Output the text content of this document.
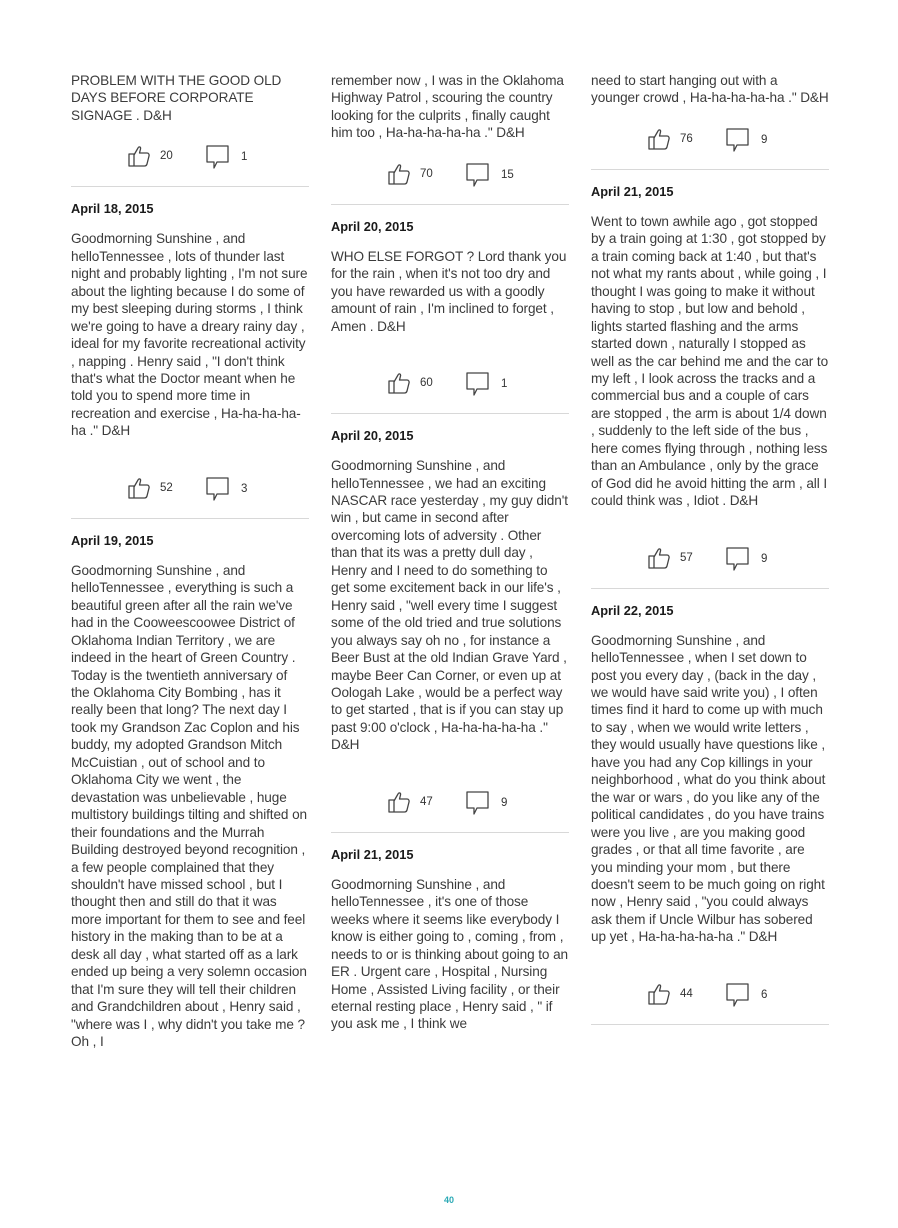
PROBLEM WITH THE GOOD OLD DAYS BEFORE CORPORATE SIGNAGE . D&H

20	1

April 18, 2015

Goodmorning Sunshine , and helloTennessee , lots of thunder last night and probably lighting , I'm not sure about the lighting because I do some of my best sleeping during storms , I think we're going to have a dreary rainy day , ideal for my favorite recreational activity , napping . Henry said , "I don't think that's what the Doctor meant when he told you to spend more time in recreation and exercise , Ha-ha-ha-ha-ha ." D&H

52	3

April 19, 2015

Goodmorning Sunshine , and helloTennessee , everything is such a beautiful green after all the rain we've had in the Cooweescoowee District of Oklahoma Indian Territory , we are indeed in the heart of Green Country . Today is the twentieth anniversary of the Oklahoma City Bombing , has it really been that long? The next day I took my Grandson Zac Coplon and his buddy, my adopted Grandson Mitch McCuistian , out of school and to Oklahoma City we went , the devastation was unbelievable , huge multistory buildings tilting and shifted on their foundations and the Murrah Building destroyed beyond recognition , a few people complained that they shouldn't have missed school , but I thought then and still do that it was more important for them to see and feel history in the making than to be at a desk all day , what started off as a lark ended up being a very solemn occasion that I'm sure they will tell their children and Grandchildren about , Henry said , "where was I , why didn't you take me ? Oh , I

remember now , I was in the Oklahoma Highway Patrol , scouring the country looking for the culprits , finally caught him too , Ha-ha-ha-ha-ha ." D&H

70	15

April 20, 2015

WHO ELSE FORGOT ? Lord thank you for the rain , when it's not too dry and you have rewarded us with a goodly amount of rain , I'm inclined to forget , Amen . D&H

60	1

April 20, 2015

Goodmorning Sunshine , and helloTennessee , we had an exciting NASCAR race yesterday , my guy didn't win , but came in second after overcoming lots of adversity . Other than that its was a pretty dull day , Henry and I need to do something to get some excitement back in our life's , Henry said , "well every time I suggest some of the old tried and true solutions you always say oh no , for instance a Beer Bust at the old Indian Grave Yard , maybe Beer Can Corner, or even up at Oologah Lake , would be a perfect way to get started , that is if you can stay up past 9:00 o'clock , Ha-ha-ha-ha-ha ." D&H

47	9

April 21, 2015

Goodmorning Sunshine , and helloTennessee , it's one of those weeks where it seems like everybody I know is either going to , coming , from , needs to or is thinking about going to an ER . Urgent care , Hospital , Nursing Home , Assisted Living facility , or their eternal resting place , Henry said , " if you ask me , I think we

need to start hanging out with a younger crowd , Ha-ha-ha-ha-ha ." D&H

76	9

April 21, 2015

Went to town awhile ago , got stopped by a train going at 1:30 , got stopped by a train coming back at 1:40 , but that's not what my rants about , while going , I thought I was going to make it without having to stop , but low and behold , lights started flashing and the arms started down , naturally I stopped as well as the car behind me and the car to my left , I look across the tracks and a commercial bus and a couple of cars are stopped , the arm is about 1/4 down , suddenly to the left side of the bus , here comes flying through , nothing less than an Ambulance , only by the grace of God did he avoid hitting the arm , all I could think was , Idiot . D&H

57	9

April 22, 2015

Goodmorning Sunshine , and helloTennessee , when I set down to post you every day , (back in the day , we would have said write you) , I often times find it hard to come up with much to say , when we would write letters , they would usually have questions like , have you had any Cop killings in your neighborhood , what do you think about the war or wars , do you like any of the political candidates , do you have trains were you live , are you making good grades , or that all time favorite , are you minding your mom , but there doesn't seem to be much going on right now , Henry said , "you could always ask them if Uncle Wilbur has sobered up yet , Ha-ha-ha-ha-ha ." D&H

44	6
40
